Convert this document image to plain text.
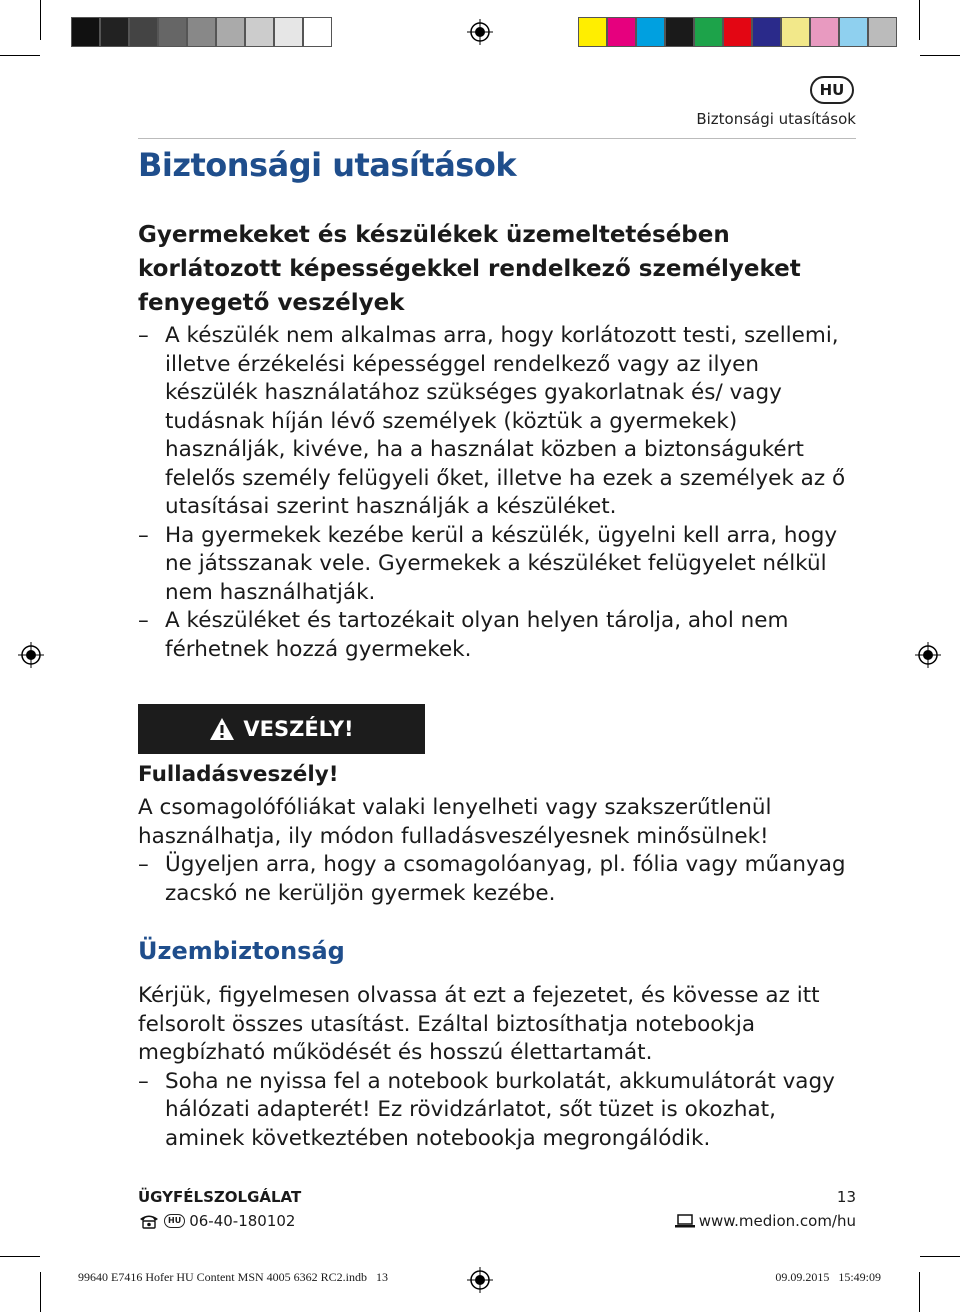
HU
Biztonsági utasítások
Biztonsági utasítások
Gyermekeket és készülékek üzemeltetésében
korlátozott képességekkel rendelkező személyeket
fenyegető veszélyek
– A készülék nem alkalmas arra, hogy korlátozott testi, szellemi, illetve érzékelési képességgel rendelkező vagy az ilyen készülék használatához szükséges gyakorlatnak és/ vagy tudásnak híján lévő személyek (köztük a gyermekek) használják, kivéve, ha a használat közben a biztonságukért felelős személy felügyeli őket, illetve ha ezek a személyek az ő utasításai szerint használják a készüléket.
– Ha gyermekek kezébe kerül a készülék, ügyelni kell arra, hogy ne játsszanak vele. Gyermekek a készüléket felügyelet nélkül nem használhatják.
– A készüléket és tartozékait olyan helyen tárolja, ahol nem férhetnek hozzá gyermekek.
VESZÉLY!
Fulladásveszély!
A csomagolófóliákat valaki lenyelheti vagy szakszerűtlenül használhatja, ily módon fulladásveszélyesnek minősülnek!
– Ügyeljen arra, hogy a csomagolóanyag, pl. fólia vagy műanyag zacskó ne kerüljön gyermek kezébe.
Üzembiztonság
Kérjük, figyelmesen olvassa át ezt a fejezetet, és kövesse az itt felsorolt összes utasítást. Ezáltal biztosíthatja notebookja megbízható működését és hosszú élettartamát.
– Soha ne nyissa fel a notebook burkolatát, akkumulátorát vagy hálózati adapterét! Ez rövidzárlatot, sőt tüzet is okozhat, aminek következtében notebookja megrongálódik.
ÜGYFÉLSZOLGÁLAT	13
HU 06-40-180102	www.medion.com/hu
99640 E7416 Hofer HU Content MSN 4005 6362 RC2.indb   13	09.09.2015   15:49:09
